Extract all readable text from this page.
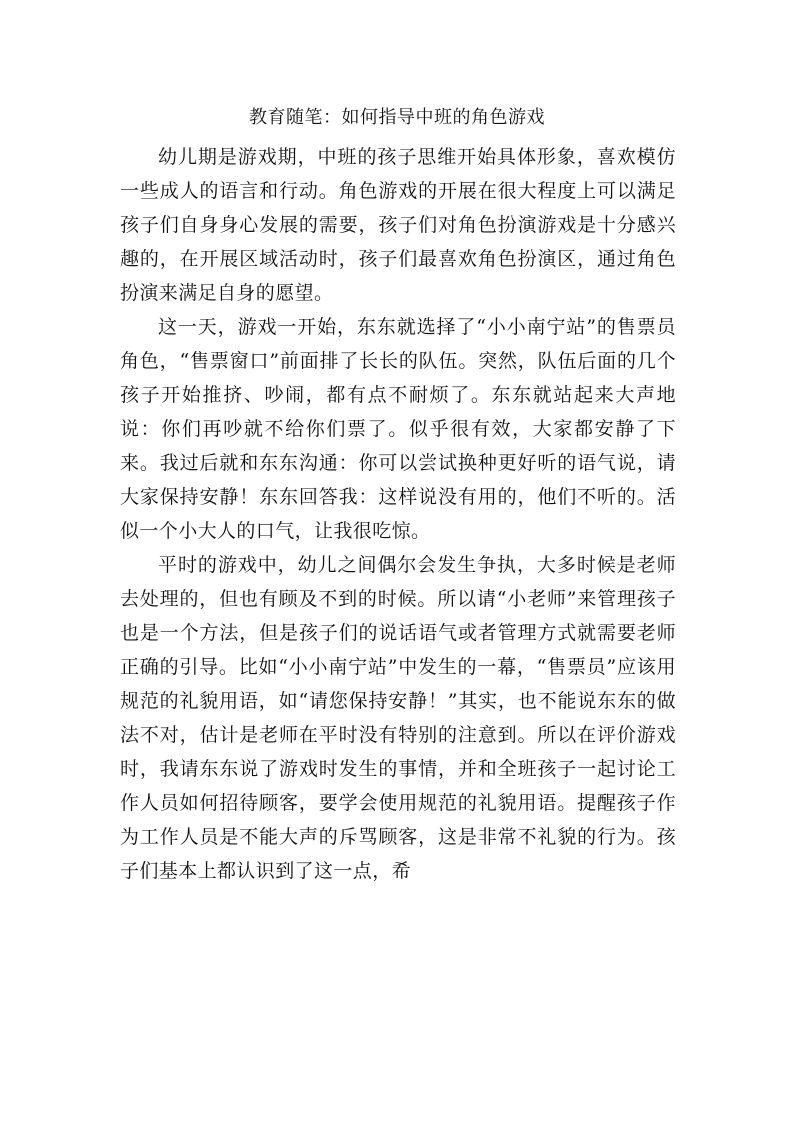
教育随笔：如何指导中班的角色游戏

幼儿期是游戏期，中班的孩子思维开始具体形象，喜欢模仿一些成人的语言和行动。角色游戏的开展在很大程度上可以满足孩子们自身身心发展的需要，孩子们对角色扮演游戏是十分感兴趣的，在开展区域活动时，孩子们最喜欢角色扮演区，通过角色扮演来满足自身的愿望。

这一天，游戏一开始，东东就选择了“小小南宁站”的售票员角色，“售票窗口”前面排了长长的队伍。突然，队伍后面的几个孩子开始推挤、吵闹，都有点不耐烦了。东东就站起来大声地说：你们再吵就不给你们票了。似乎很有效，大家都安静了下来。我过后就和东东沟通：你可以尝试换种更好听的语气说，请大家保持安静！东东回答我：这样说没有用的，他们不听的。活似一个小大人的口气，让我很吃惊。

平时的游戏中，幼儿之间偶尔会发生争执，大多时候是老师去处理的，但也有顾及不到的时候。所以请“小老师”来管理孩子也是一个方法，但是孩子们的说话语气或者管理方式就需要老师正确的引导。比如“小小南宁站”中发生的一幕，“售票员”应该用规范的礼貌用语，如“请您保持安静！”其实，也不能说东东的做法不对，估计是老师在平时没有特别的注意到。所以在评价游戏时，我请东东说了游戏时发生的事情，并和全班孩子一起讨论工作人员如何招待顾客，要学会使用规范的礼貌用语。提醒孩子作为工作人员是不能大声的斥骂顾客，这是非常不礼貌的行为。孩子们基本上都认识到了这一点，希
